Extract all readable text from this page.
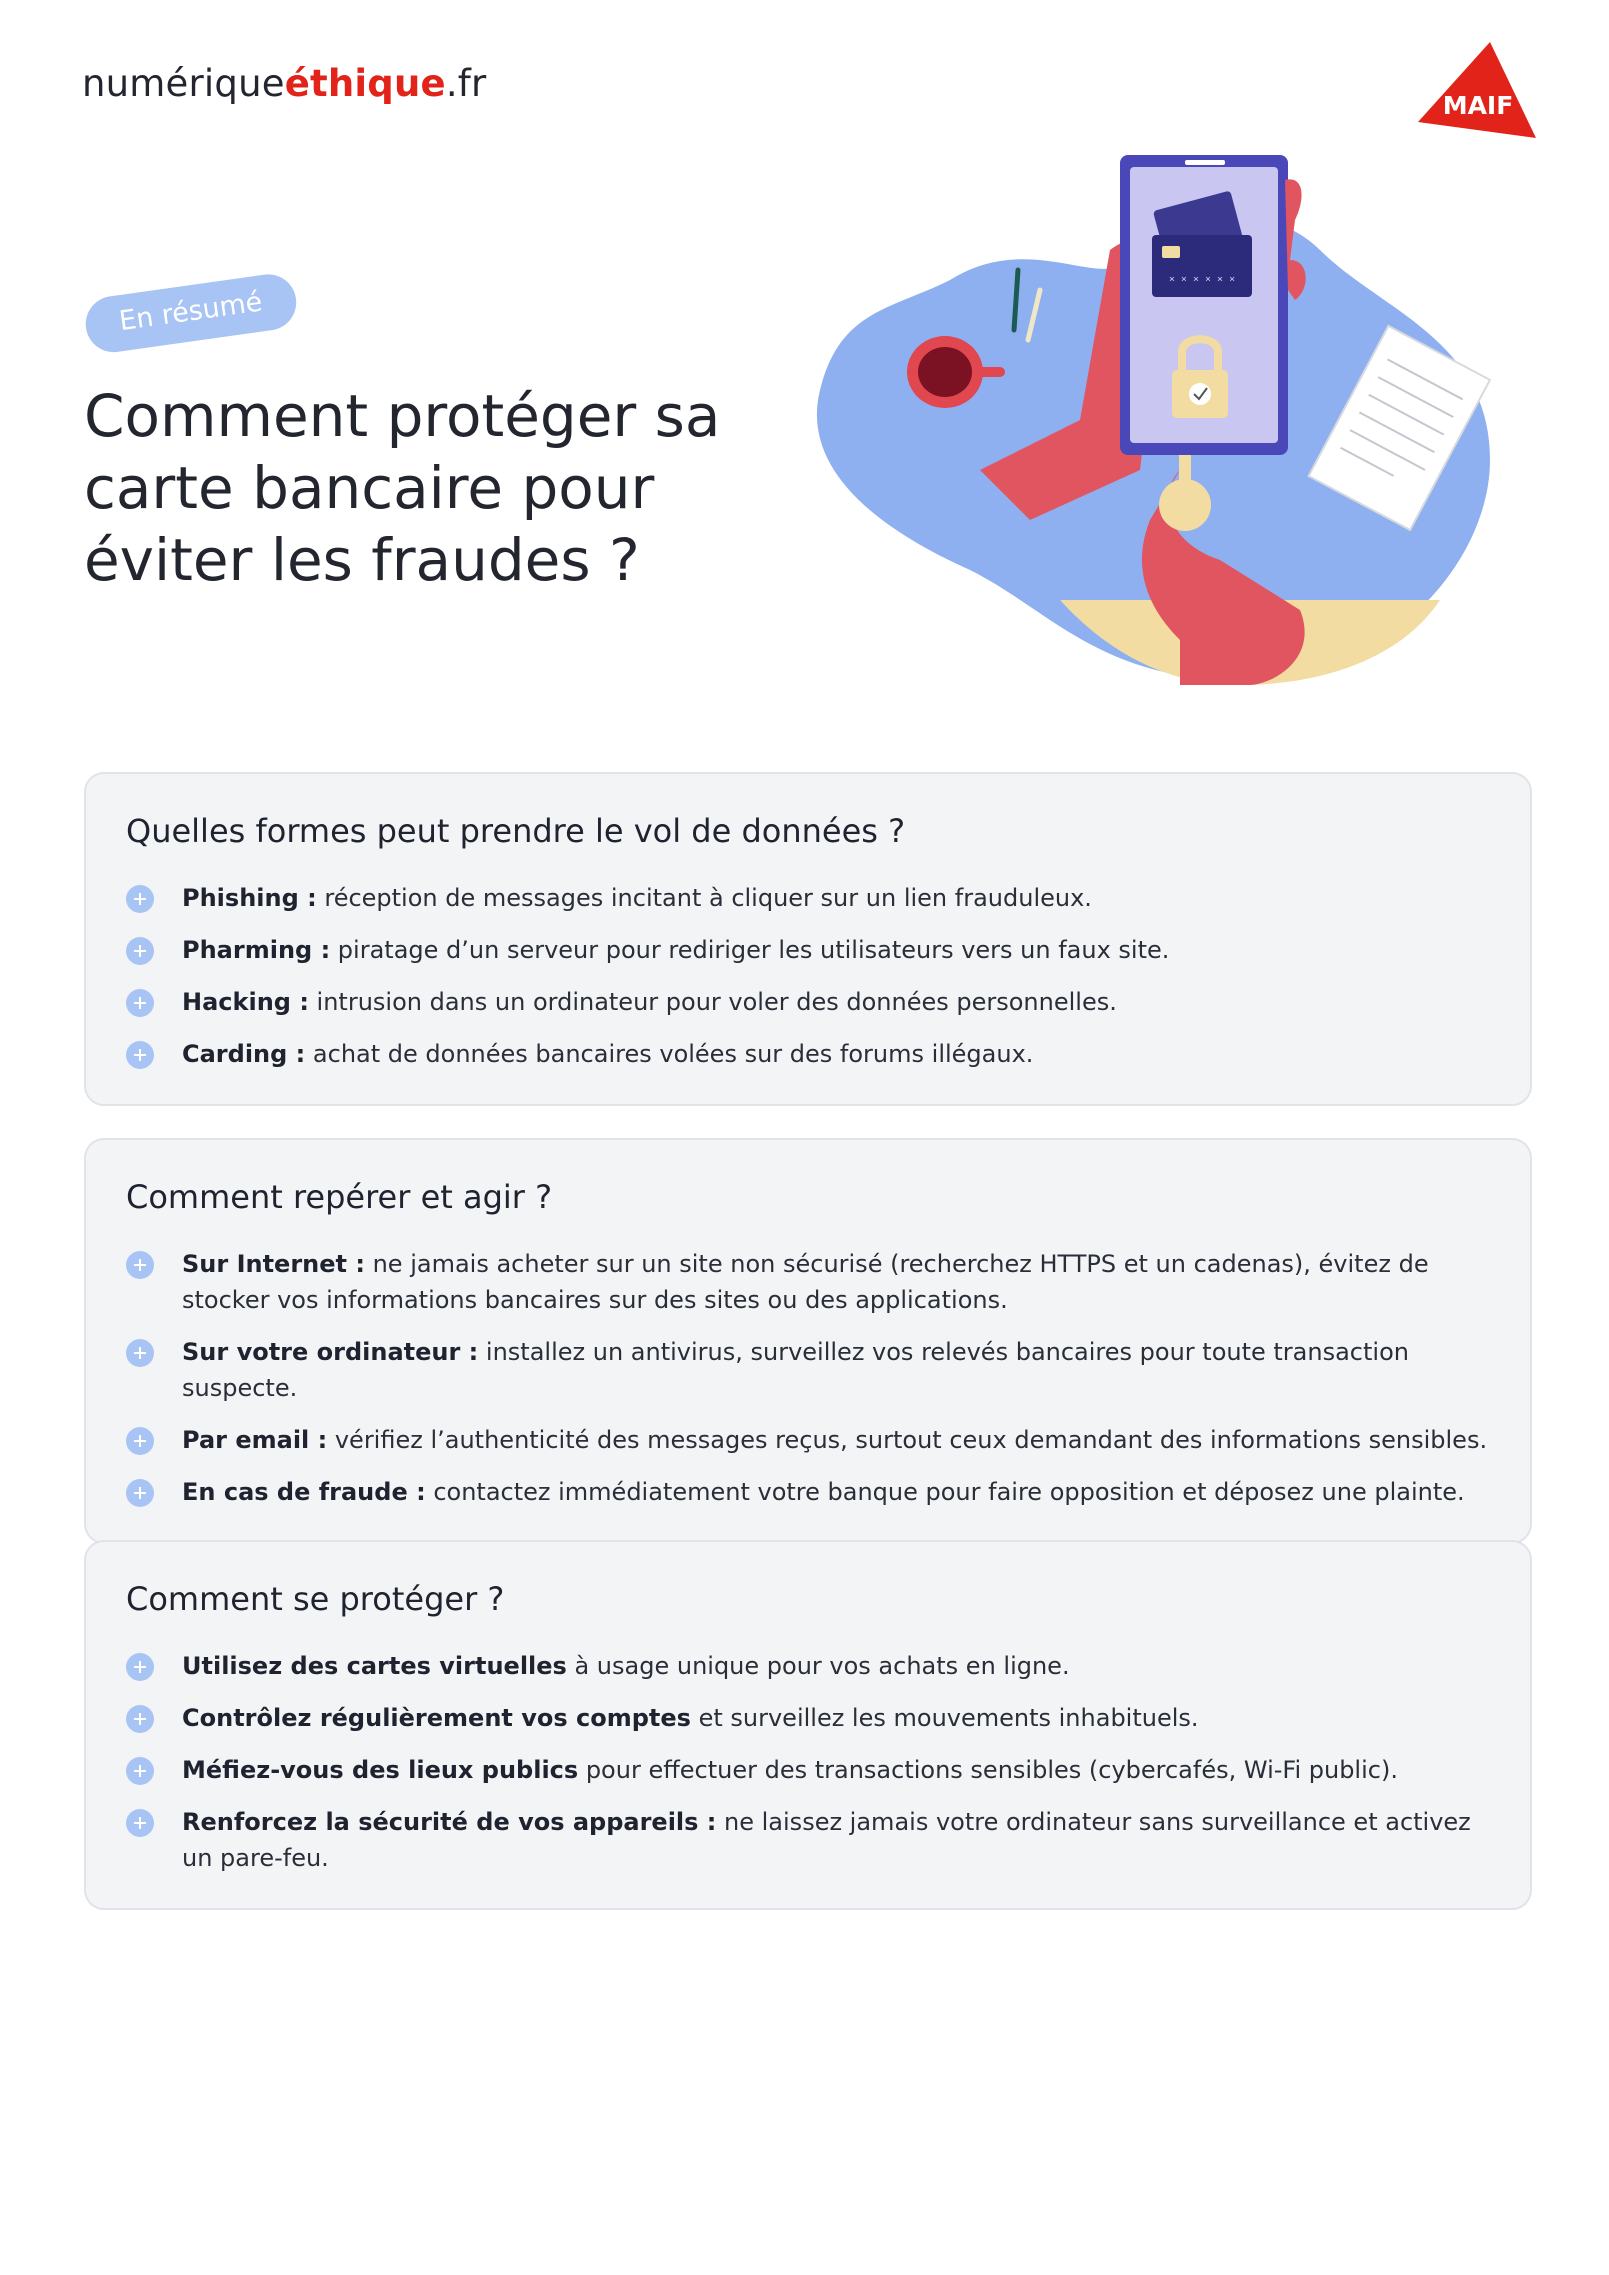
numériqueéthique.fr
MAIF
En résumé
Comment protéger sa carte bancaire pour éviter les fraudes ?
× × × × × ×
Quelles formes peut prendre le vol de données ?
Phishing : réception de messages incitant à cliquer sur un lien frauduleux.
Pharming : piratage d’un serveur pour rediriger les utilisateurs vers un faux site.
Hacking : intrusion dans un ordinateur pour voler des données personnelles.
Carding : achat de données bancaires volées sur des forums illégaux.
Comment repérer et agir ?
Sur Internet : ne jamais acheter sur un site non sécurisé (recherchez HTTPS et un cadenas), évitez de stocker vos informations bancaires sur des sites ou des applications.
Sur votre ordinateur : installez un antivirus, surveillez vos relevés bancaires pour toute transaction suspecte.
Par email : vérifiez l’authenticité des messages reçus, surtout ceux demandant des informations sensibles.
En cas de fraude : contactez immédiatement votre banque pour faire opposition et déposez une plainte.
Comment se protéger ?
Utilisez des cartes virtuelles à usage unique pour vos achats en ligne.
Contrôlez régulièrement vos comptes et surveillez les mouvements inhabituels.
Méfiez-vous des lieux publics pour effectuer des transactions sensibles (cybercafés, Wi-Fi public).
Renforcez la sécurité de vos appareils : ne laissez jamais votre ordinateur sans surveillance et activez un pare-feu.
